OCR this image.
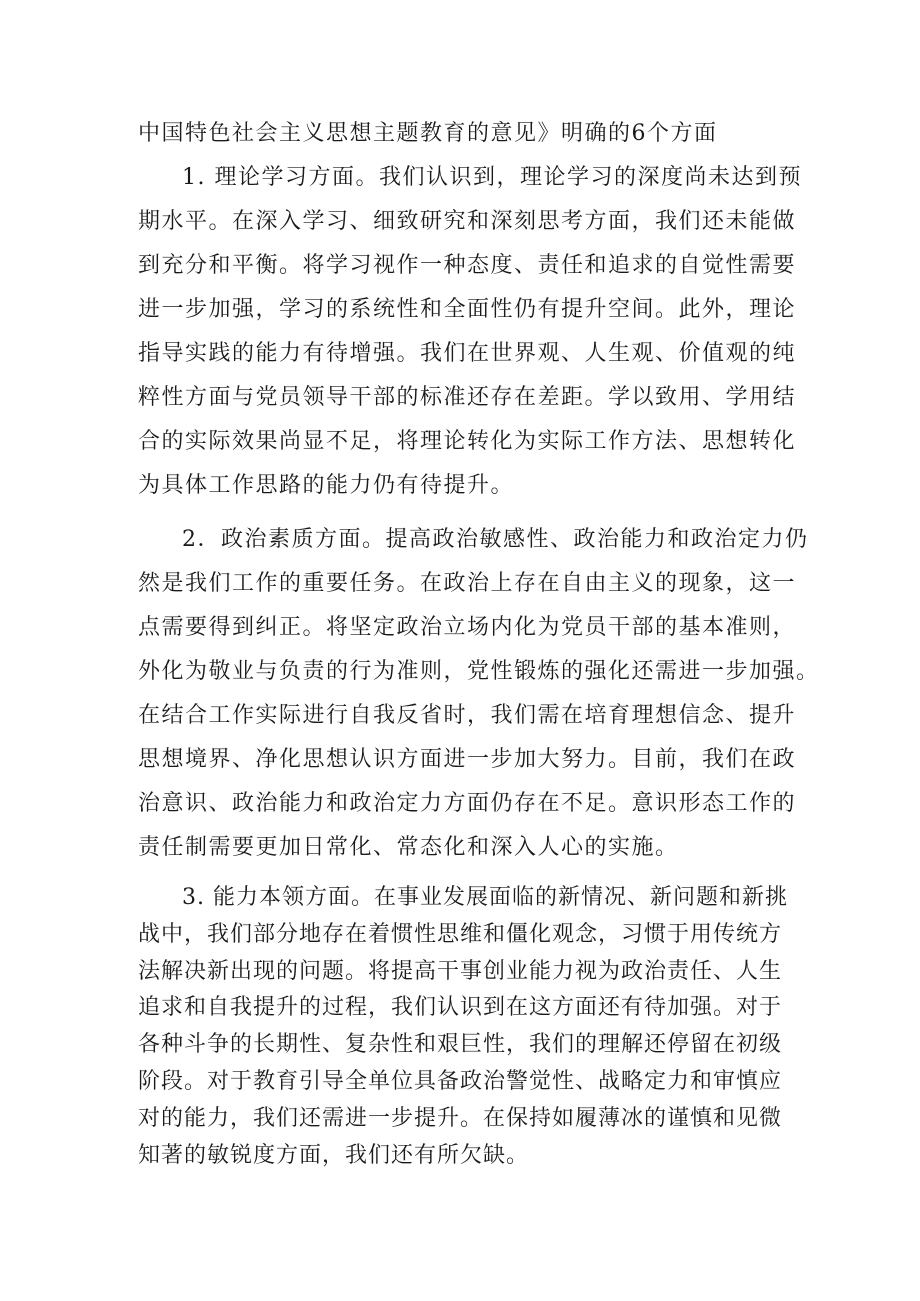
中国特色社会主义思想主题教育的意见》明确的6个方面
1. 理论学习方面。我们认识到，理论学习的深度尚未达到预
期水平。在深入学习、细致研究和深刻思考方面，我们还未能做
到充分和平衡。将学习视作一种态度、责任和追求的自觉性需要
进一步加强，学习的系统性和全面性仍有提升空间。此外，理论
指导实践的能力有待增强。我们在世界观、人生观、价值观的纯
粹性方面与党员领导干部的标准还存在差距。学以致用、学用结
合的实际效果尚显不足，将理论转化为实际工作方法、思想转化
为具体工作思路的能力仍有待提升。
2．政治素质方面。提高政治敏感性、政治能力和政治定力仍
然是我们工作的重要任务。在政治上存在自由主义的现象，这一
点需要得到纠正。将坚定政治立场内化为党员干部的基本准则，
外化为敬业与负责的行为准则，党性锻炼的强化还需进一步加强。
在结合工作实际进行自我反省时，我们需在培育理想信念、提升
思想境界、净化思想认识方面进一步加大努力。目前，我们在政
治意识、政治能力和政治定力方面仍存在不足。意识形态工作的
责任制需要更加日常化、常态化和深入人心的实施。
3. 能力本领方面。在事业发展面临的新情况、新问题和新挑
战中，我们部分地存在着惯性思维和僵化观念，习惯于用传统方
法解决新出现的问题。将提高干事创业能力视为政治责任、人生
追求和自我提升的过程，我们认识到在这方面还有待加强。对于
各种斗争的长期性、复杂性和艰巨性，我们的理解还停留在初级
阶段。对于教育引导全单位具备政治警觉性、战略定力和审慎应
对的能力，我们还需进一步提升。在保持如履薄冰的谨慎和见微
知著的敏锐度方面，我们还有所欠缺。
